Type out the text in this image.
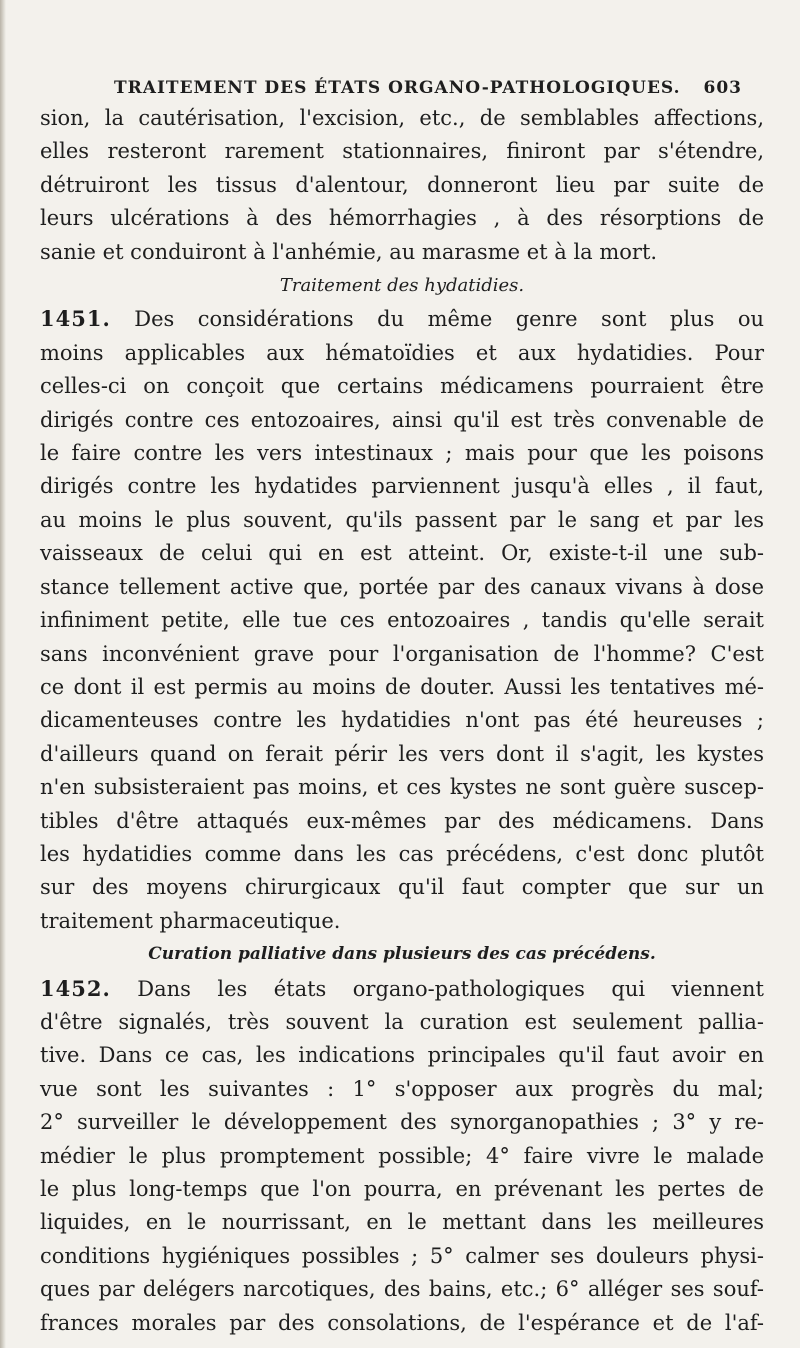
TRAITEMENT DES ÉTATS ORGANO-PATHOLOGIQUES. 603
sion, la cautérisation, l'excision, etc., de semblables affections,
elles resteront rarement stationnaires, finiront par s'étendre,
détruiront les tissus d'alentour, donneront lieu par suite de
leurs ulcérations à des hémorrhagies , à des résorptions de
sanie et conduiront à l'anhémie, au marasme et à la mort.
Traitement des hydatidies.
1451. Des considérations du même genre sont plus ou
moins applicables aux hématoïdies et aux hydatidies. Pour
celles-ci on conçoit que certains médicamens pourraient être
dirigés contre ces entozoaires, ainsi qu'il est très convenable de
le faire contre les vers intestinaux ; mais pour que les poisons
dirigés contre les hydatides parviennent jusqu'à elles , il faut,
au moins le plus souvent, qu'ils passent par le sang et par les
vaisseaux de celui qui en est atteint. Or, existe-t-il une sub-
stance tellement active que, portée par des canaux vivans à dose
infiniment petite, elle tue ces entozoaires , tandis qu'elle serait
sans inconvénient grave pour l'organisation de l'homme? C'est
ce dont il est permis au moins de douter. Aussi les tentatives mé-
dicamenteuses contre les hydatidies n'ont pas été heureuses ;
d'ailleurs quand on ferait périr les vers dont il s'agit, les kystes
n'en subsisteraient pas moins, et ces kystes ne sont guère suscep-
tibles d'être attaqués eux-mêmes par des médicamens. Dans
les hydatidies comme dans les cas précédens, c'est donc plutôt
sur des moyens chirurgicaux qu'il faut compter que sur un
traitement pharmaceutique.
Curation palliative dans plusieurs des cas précédens.
1452. Dans les états organo-pathologiques qui viennent
d'être signalés, très souvent la curation est seulement pallia-
tive. Dans ce cas, les indications principales qu'il faut avoir en
vue sont les suivantes : 1° s'opposer aux progrès du mal;
2° surveiller le développement des synorganopathies ; 3° y re-
médier le plus promptement possible; 4° faire vivre le malade
le plus long-temps que l'on pourra, en prévenant les pertes de
liquides, en le nourrissant, en le mettant dans les meilleures
conditions hygiéniques possibles ; 5° calmer ses douleurs physi-
ques par delégers narcotiques, des bains, etc.; 6° alléger ses souf-
frances morales par des consolations, de l'espérance et de l'af-
